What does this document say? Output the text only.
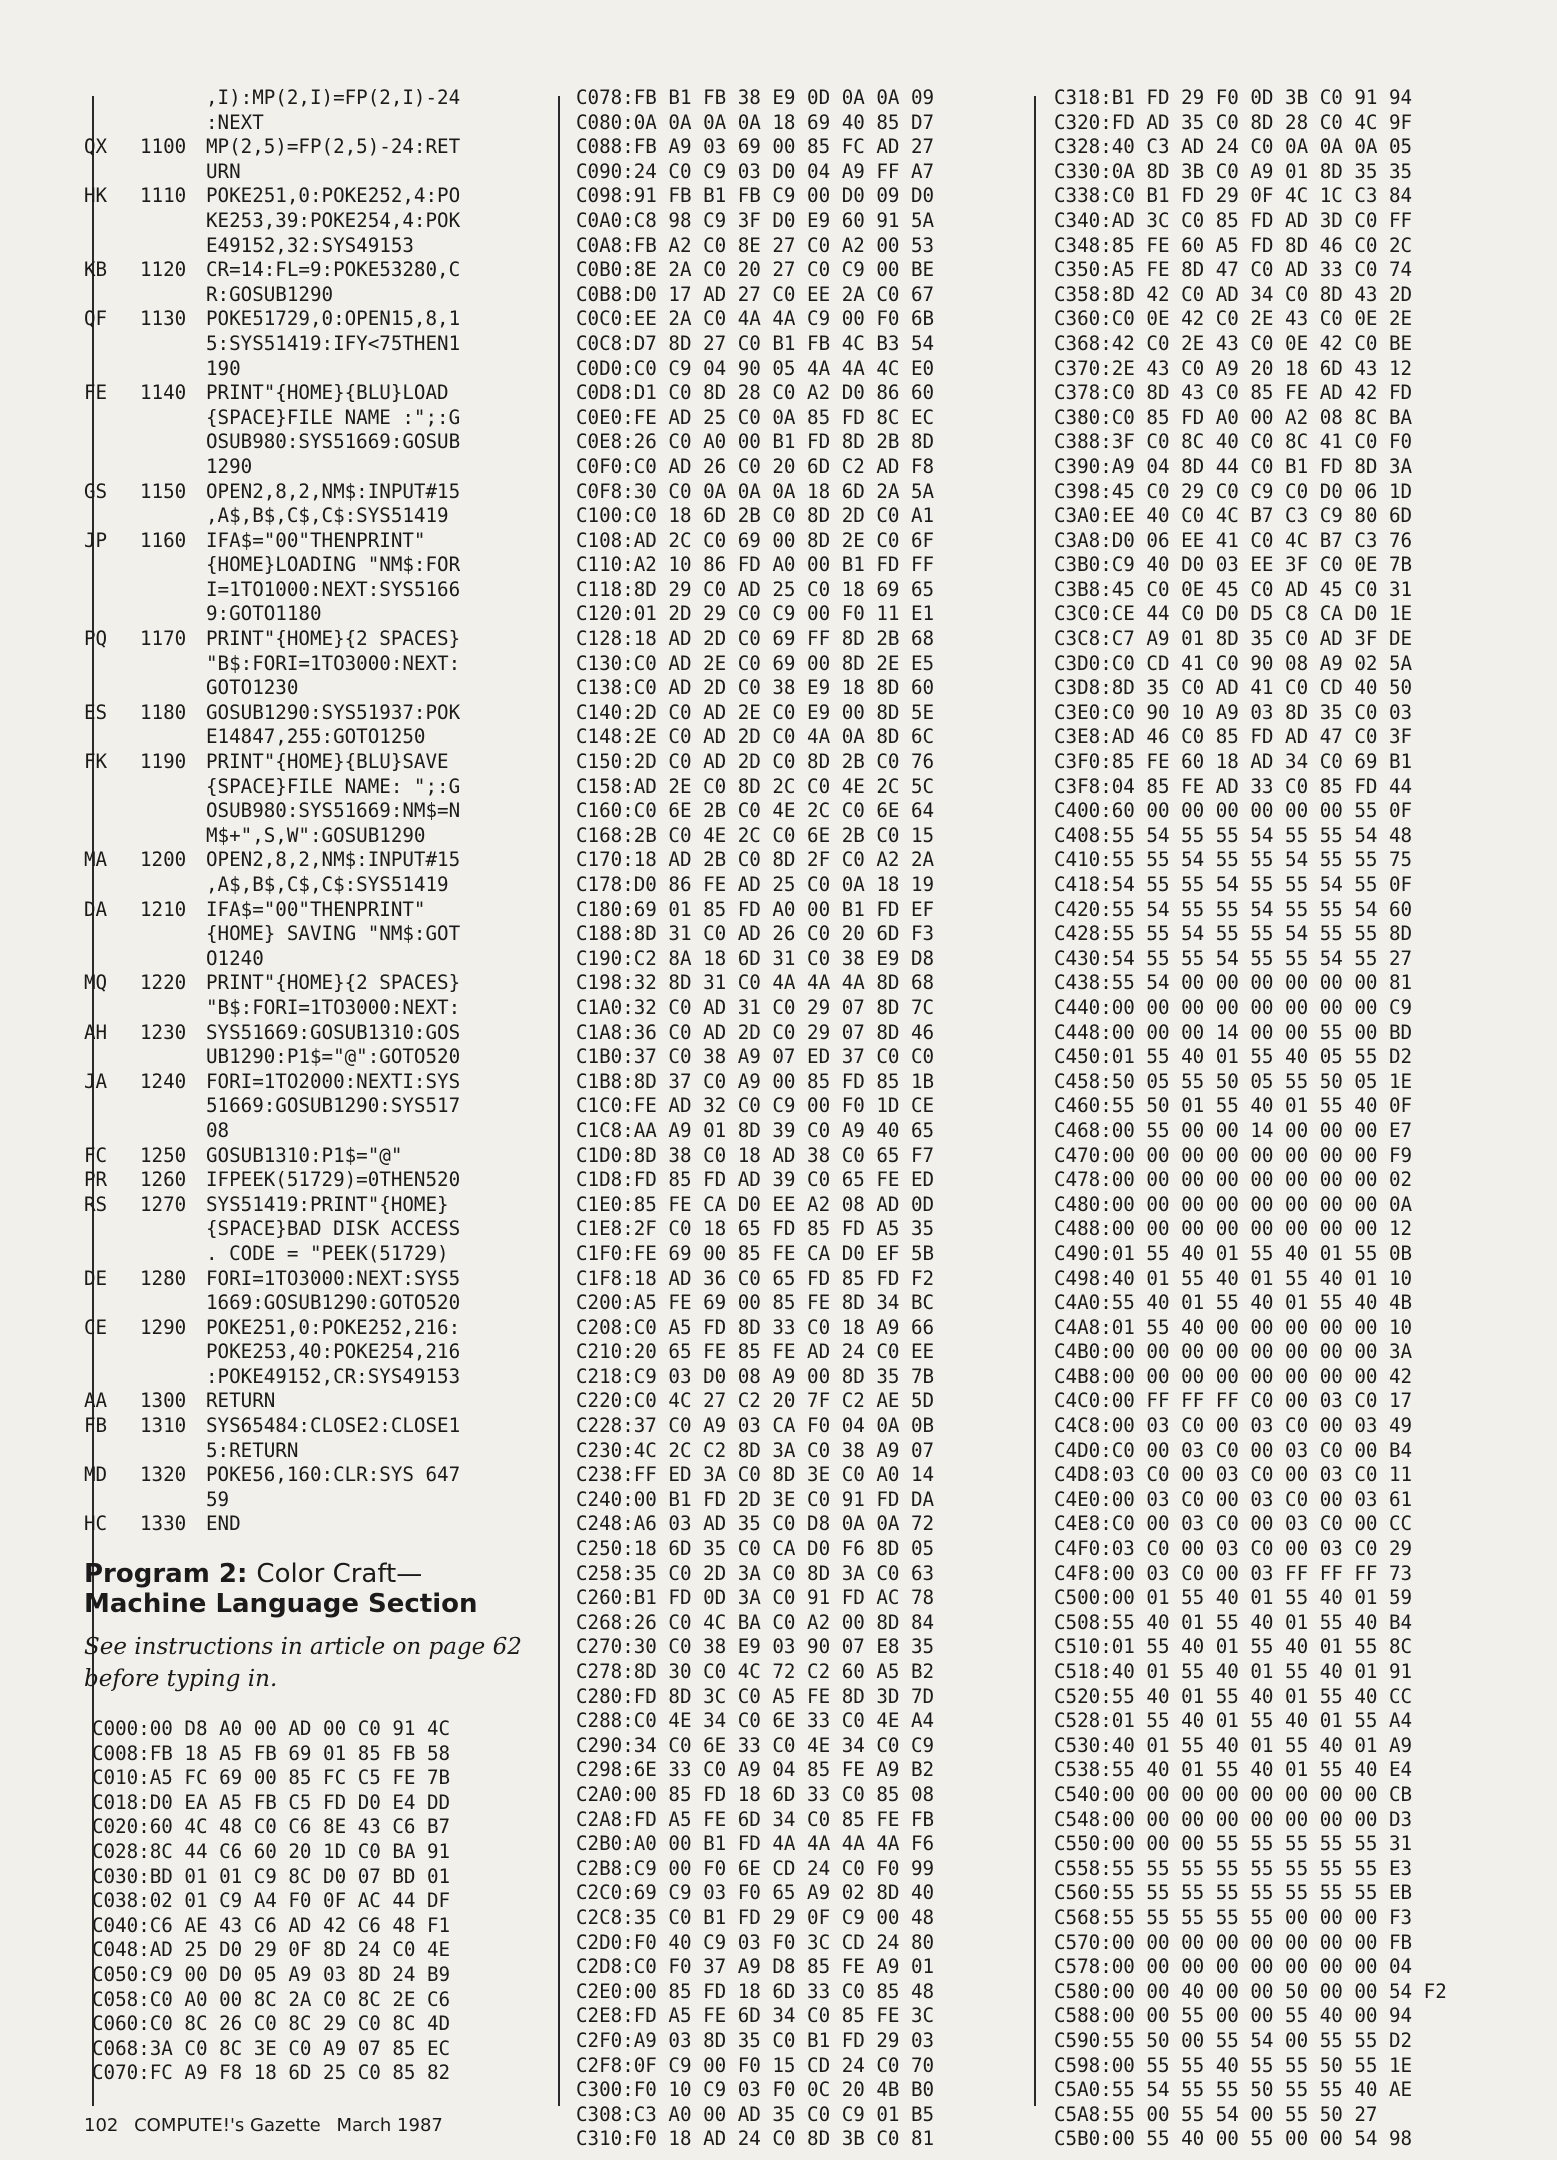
,I):MP(2,I)=FP(2,I)-24
:NEXT
QX	1100	MP(2,5)=FP(2,5)-24:RET
URN
HK	1110	POKE251,0:POKE252,4:PO
KE253,39:POKE254,4:POK
E49152,32:SYS49153
KB	1120	CR=14:FL=9:POKE53280,C
R:GOSUB1290
QF	1130	POKE51729,0:OPEN15,8,1
5:SYS51419:IFY<75THEN1
190
FE	1140	PRINT"{HOME}{BLU}LOAD
{SPACE}FILE NAME :";:G
OSUB980:SYS51669:GOSUB
1290
GS	1150	OPEN2,8,2,NM$:INPUT#15
,A$,B$,C$,C$:SYS51419
JP	1160	IFA$="00"THENPRINT"
{HOME}LOADING "NM$:FOR
I=1TO1000:NEXT:SYS5166
9:GOTO1180
PQ	1170	PRINT"{HOME}{2 SPACES}
"B$:FORI=1TO3000:NEXT:
GOTO1230
ES	1180	GOSUB1290:SYS51937:POK
E14847,255:GOTO1250
FK	1190	PRINT"{HOME}{BLU}SAVE
{SPACE}FILE NAME: ";:G
OSUB980:SYS51669:NM$=N
M$+",S,W":GOSUB1290
MA	1200	OPEN2,8,2,NM$:INPUT#15
,A$,B$,C$,C$:SYS51419
DA	1210	IFA$="00"THENPRINT"
{HOME} SAVING "NM$:GOT
O1240
MQ	1220	PRINT"{HOME}{2 SPACES}
"B$:FORI=1TO3000:NEXT:
AH	1230	SYS51669:GOSUB1310:GOS
UB1290:P1$="@":GOTO520
JA	1240	FORI=1TO2000:NEXTI:SYS
51669:GOSUB1290:SYS517
08
FC	1250	GOSUB1310:P1$="@"
PR	1260	IFPEEK(51729)=0THEN520
RS	1270	SYS51419:PRINT"{HOME}
{SPACE}BAD DISK ACCESS
. CODE = "PEEK(51729)
DE	1280	FORI=1TO3000:NEXT:SYS5
1669:GOSUB1290:GOTO520
CE	1290	POKE251,0:POKE252,216:
POKE253,40:POKE254,216
:POKE49152,CR:SYS49153
AA	1300	RETURN
FB	1310	SYS65484:CLOSE2:CLOSE1
5:RETURN
MD	1320	POKE56,160:CLR:SYS 647
59
HC	1330	END
Program 2: Color Craft—
Machine Language Section
See instructions in article on page 62 before typing in.
C000:00 D8 A0 00 AD 00 C0 91 4C
C008:FB 18 A5 FB 69 01 85 FB 58
C010:A5 FC 69 00 85 FC C5 FE 7B
C018:D0 EA A5 FB C5 FD D0 E4 DD
C020:60 4C 48 C0 C6 8E 43 C6 B7
C028:8C 44 C6 60 20 1D C0 BA 91
C030:BD 01 01 C9 8C D0 07 BD 01
C038:02 01 C9 A4 F0 0F AC 44 DF
C040:C6 AE 43 C6 AD 42 C6 48 F1
C048:AD 25 D0 29 0F 8D 24 C0 4E
C050:C9 00 D0 05 A9 03 8D 24 B9
C058:C0 A0 00 8C 2A C0 8C 2E C6
C060:C0 8C 26 C0 8C 29 C0 8C 4D
C068:3A C0 8C 3E C0 A9 07 85 EC
C070:FC A9 F8 18 6D 25 C0 85 82
C078:FB B1 FB 38 E9 0D 0A 0A 09
C080:0A 0A 0A 0A 18 69 40 85 D7
C088:FB A9 03 69 00 85 FC AD 27
C090:24 C0 C9 03 D0 04 A9 FF A7
C098:91 FB B1 FB C9 00 D0 09 D0
C0A0:C8 98 C9 3F D0 E9 60 91 5A
C0A8:FB A2 C0 8E 27 C0 A2 00 53
C0B0:8E 2A C0 20 27 C0 C9 00 BE
C0B8:D0 17 AD 27 C0 EE 2A C0 67
C0C0:EE 2A C0 4A 4A C9 00 F0 6B
C0C8:D7 8D 27 C0 B1 FB 4C B3 54
C0D0:C0 C9 04 90 05 4A 4A 4C E0
C0D8:D1 C0 8D 28 C0 A2 D0 86 60
C0E0:FE AD 25 C0 0A 85 FD 8C EC
C0E8:26 C0 A0 00 B1 FD 8D 2B 8D
C0F0:C0 AD 26 C0 20 6D C2 AD F8
C0F8:30 C0 0A 0A 0A 18 6D 2A 5A
C100:C0 18 6D 2B C0 8D 2D C0 A1
C108:AD 2C C0 69 00 8D 2E C0 6F
C110:A2 10 86 FD A0 00 B1 FD FF
C118:8D 29 C0 AD 25 C0 18 69 65
C120:01 2D 29 C0 C9 00 F0 11 E1
C128:18 AD 2D C0 69 FF 8D 2B 68
C130:C0 AD 2E C0 69 00 8D 2E E5
C138:C0 AD 2D C0 38 E9 18 8D 60
C140:2D C0 AD 2E C0 E9 00 8D 5E
C148:2E C0 AD 2D C0 4A 0A 8D 6C
C150:2D C0 AD 2D C0 8D 2B C0 76
C158:AD 2E C0 8D 2C C0 4E 2C 5C
C160:C0 6E 2B C0 4E 2C C0 6E 64
C168:2B C0 4E 2C C0 6E 2B C0 15
C170:18 AD 2B C0 8D 2F C0 A2 2A
C178:D0 86 FE AD 25 C0 0A 18 19
C180:69 01 85 FD A0 00 B1 FD EF
C188:8D 31 C0 AD 26 C0 20 6D F3
C190:C2 8A 18 6D 31 C0 38 E9 D8
C198:32 8D 31 C0 4A 4A 4A 8D 68
C1A0:32 C0 AD 31 C0 29 07 8D 7C
C1A8:36 C0 AD 2D C0 29 07 8D 46
C1B0:37 C0 38 A9 07 ED 37 C0 C0
C1B8:8D 37 C0 A9 00 85 FD 85 1B
C1C0:FE AD 32 C0 C9 00 F0 1D CE
C1C8:AA A9 01 8D 39 C0 A9 40 65
C1D0:8D 38 C0 18 AD 38 C0 65 F7
C1D8:FD 85 FD AD 39 C0 65 FE ED
C1E0:85 FE CA D0 EE A2 08 AD 0D
C1E8:2F C0 18 65 FD 85 FD A5 35
C1F0:FE 69 00 85 FE CA D0 EF 5B
C1F8:18 AD 36 C0 65 FD 85 FD F2
C200:A5 FE 69 00 85 FE 8D 34 BC
C208:C0 A5 FD 8D 33 C0 18 A9 66
C210:20 65 FE 85 FE AD 24 C0 EE
C218:C9 03 D0 08 A9 00 8D 35 7B
C220:C0 4C 27 C2 20 7F C2 AE 5D
C228:37 C0 A9 03 CA F0 04 0A 0B
C230:4C 2C C2 8D 3A C0 38 A9 07
C238:FF ED 3A C0 8D 3E C0 A0 14
C240:00 B1 FD 2D 3E C0 91 FD DA
C248:A6 03 AD 35 C0 D8 0A 0A 72
C250:18 6D 35 C0 CA D0 F6 8D 05
C258:35 C0 2D 3A C0 8D 3A C0 63
C260:B1 FD 0D 3A C0 91 FD AC 78
C268:26 C0 4C BA C0 A2 00 8D 84
C270:30 C0 38 E9 03 90 07 E8 35
C278:8D 30 C0 4C 72 C2 60 A5 B2
C280:FD 8D 3C C0 A5 FE 8D 3D 7D
C288:C0 4E 34 C0 6E 33 C0 4E A4
C290:34 C0 6E 33 C0 4E 34 C0 C9
C298:6E 33 C0 A9 04 85 FE A9 B2
C2A0:00 85 FD 18 6D 33 C0 85 08
C2A8:FD A5 FE 6D 34 C0 85 FE FB
C2B0:A0 00 B1 FD 4A 4A 4A 4A F6
C2B8:C9 00 F0 6E CD 24 C0 F0 99
C2C0:69 C9 03 F0 65 A9 02 8D 40
C2C8:35 C0 B1 FD 29 0F C9 00 48
C2D0:F0 40 C9 03 F0 3C CD 24 80
C2D8:C0 F0 37 A9 D8 85 FE A9 01
C2E0:00 85 FD 18 6D 33 C0 85 48
C2E8:FD A5 FE 6D 34 C0 85 FE 3C
C2F0:A9 03 8D 35 C0 B1 FD 29 03
C2F8:0F C9 00 F0 15 CD 24 C0 70
C300:F0 10 C9 03 F0 0C 20 4B B0
C308:C3 A0 00 AD 35 C0 C9 01 B5
C310:F0 18 AD 24 C0 8D 3B C0 81
C318:B1 FD 29 F0 0D 3B C0 91 94
C320:FD AD 35 C0 8D 28 C0 4C 9F
C328:40 C3 AD 24 C0 0A 0A 0A 05
C330:0A 8D 3B C0 A9 01 8D 35 35
C338:C0 B1 FD 29 0F 4C 1C C3 84
C340:AD 3C C0 85 FD AD 3D C0 FF
C348:85 FE 60 A5 FD 8D 46 C0 2C
C350:A5 FE 8D 47 C0 AD 33 C0 74
C358:8D 42 C0 AD 34 C0 8D 43 2D
C360:C0 0E 42 C0 2E 43 C0 0E 2E
C368:42 C0 2E 43 C0 0E 42 C0 BE
C370:2E 43 C0 A9 20 18 6D 43 12
C378:C0 8D 43 C0 85 FE AD 42 FD
C380:C0 85 FD A0 00 A2 08 8C BA
C388:3F C0 8C 40 C0 8C 41 C0 F0
C390:A9 04 8D 44 C0 B1 FD 8D 3A
C398:45 C0 29 C0 C9 C0 D0 06 1D
C3A0:EE 40 C0 4C B7 C3 C9 80 6D
C3A8:D0 06 EE 41 C0 4C B7 C3 76
C3B0:C9 40 D0 03 EE 3F C0 0E 7B
C3B8:45 C0 0E 45 C0 AD 45 C0 31
C3C0:CE 44 C0 D0 D5 C8 CA D0 1E
C3C8:C7 A9 01 8D 35 C0 AD 3F DE
C3D0:C0 CD 41 C0 90 08 A9 02 5A
C3D8:8D 35 C0 AD 41 C0 CD 40 50
C3E0:C0 90 10 A9 03 8D 35 C0 03
C3E8:AD 46 C0 85 FD AD 47 C0 3F
C3F0:85 FE 60 18 AD 34 C0 69 B1
C3F8:04 85 FE AD 33 C0 85 FD 44
C400:60 00 00 00 00 00 00 55 0F
C408:55 54 55 55 54 55 55 54 48
C410:55 55 54 55 55 54 55 55 75
C418:54 55 55 54 55 55 54 55 0F
C420:55 54 55 55 54 55 55 54 60
C428:55 55 54 55 55 54 55 55 8D
C430:54 55 55 54 55 55 54 55 27
C438:55 54 00 00 00 00 00 00 81
C440:00 00 00 00 00 00 00 00 C9
C448:00 00 00 14 00 00 55 00 BD
C450:01 55 40 01 55 40 05 55 D2
C458:50 05 55 50 05 55 50 05 1E
C460:55 50 01 55 40 01 55 40 0F
C468:00 55 00 00 14 00 00 00 E7
C470:00 00 00 00 00 00 00 00 F9
C478:00 00 00 00 00 00 00 00 02
C480:00 00 00 00 00 00 00 00 0A
C488:00 00 00 00 00 00 00 00 12
C490:01 55 40 01 55 40 01 55 0B
C498:40 01 55 40 01 55 40 01 10
C4A0:55 40 01 55 40 01 55 40 4B
C4A8:01 55 40 00 00 00 00 00 10
C4B0:00 00 00 00 00 00 00 00 3A
C4B8:00 00 00 00 00 00 00 00 42
C4C0:00 FF FF FF C0 00 03 C0 17
C4C8:00 03 C0 00 03 C0 00 03 49
C4D0:C0 00 03 C0 00 03 C0 00 B4
C4D8:03 C0 00 03 C0 00 03 C0 11
C4E0:00 03 C0 00 03 C0 00 03 61
C4E8:C0 00 03 C0 00 03 C0 00 CC
C4F0:03 C0 00 03 C0 00 03 C0 29
C4F8:00 03 C0 00 03 FF FF FF 73
C500:00 01 55 40 01 55 40 01 59
C508:55 40 01 55 40 01 55 40 B4
C510:01 55 40 01 55 40 01 55 8C
C518:40 01 55 40 01 55 40 01 91
C520:55 40 01 55 40 01 55 40 CC
C528:01 55 40 01 55 40 01 55 A4
C530:40 01 55 40 01 55 40 01 A9
C538:55 40 01 55 40 01 55 40 E4
C540:00 00 00 00 00 00 00 00 CB
C548:00 00 00 00 00 00 00 00 D3
C550:00 00 00 55 55 55 55 55 31
C558:55 55 55 55 55 55 55 55 E3
C560:55 55 55 55 55 55 55 55 EB
C568:55 55 55 55 55 00 00 00 F3
C570:00 00 00 00 00 00 00 00 FB
C578:00 00 00 00 00 00 00 00 04
C580:00 00 40 00 00 50 00 00 54 F2
C588:00 00 55 00 00 55 40 00 94
C590:55 50 00 55 54 00 55 55 D2
C598:00 55 55 40 55 55 50 55 1E
C5A0:55 54 55 55 50 55 55 40 AE
C5A8:55 00 55 54 00 55 50 27
C5B0:00 55 40 00 55 00 00 54 98
102 COMPUTE!'s Gazette March 1987
